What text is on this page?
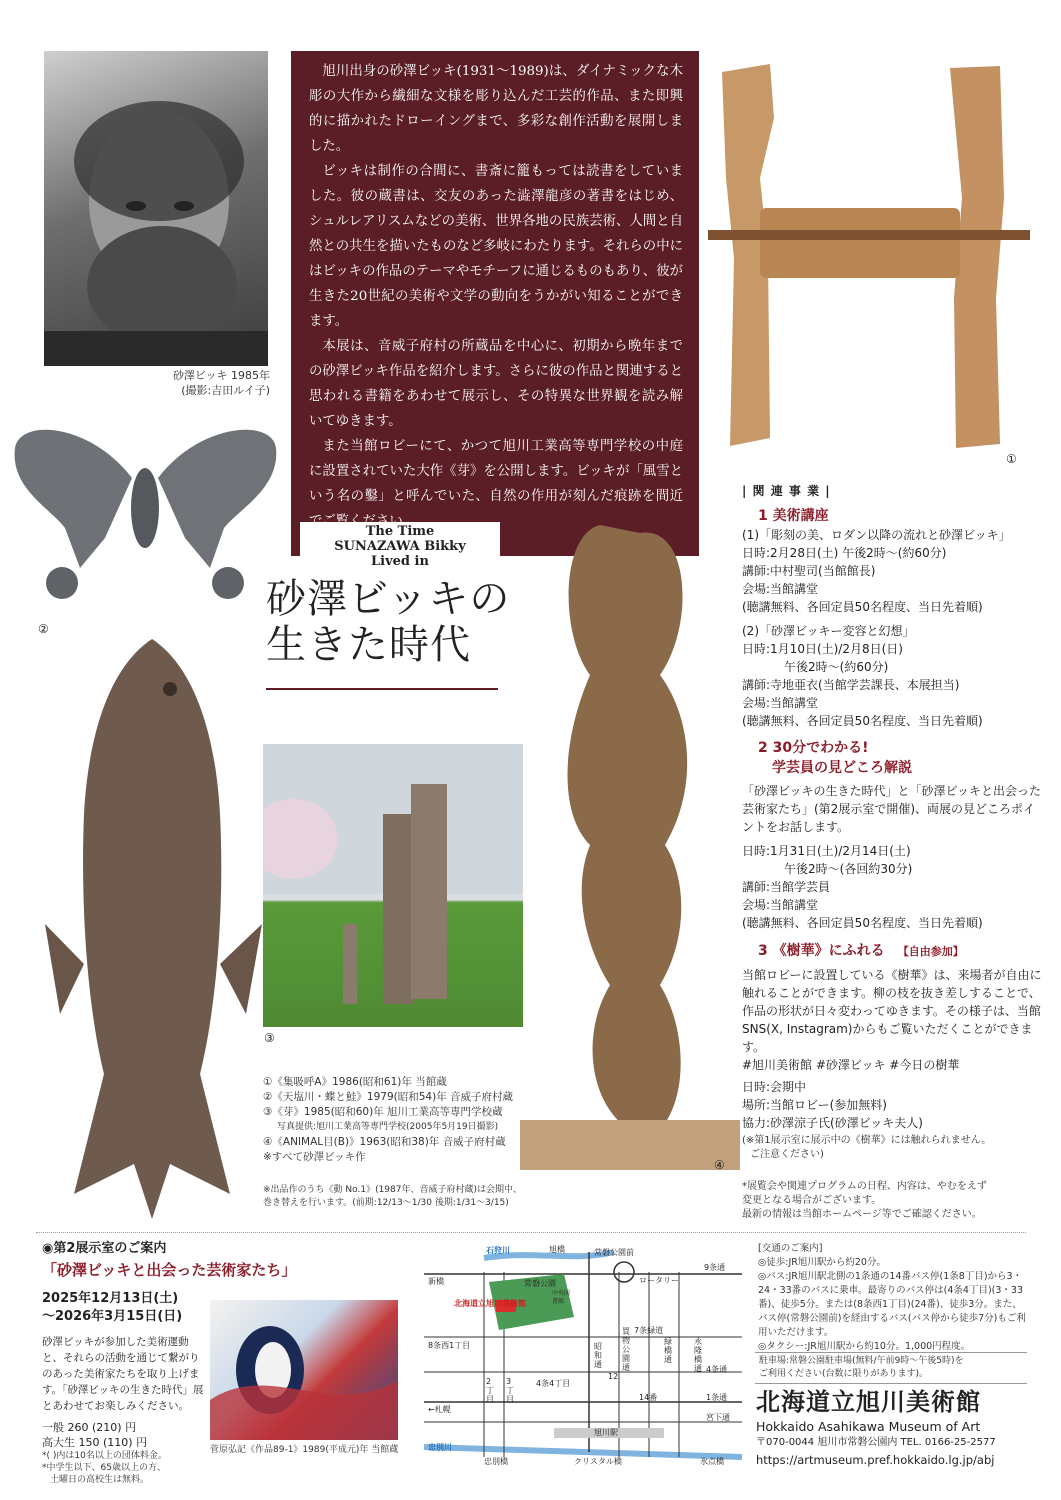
砂澤ビッキ 1985年
(撮影:吉田ルイ子)

旭川出身の砂澤ビッキ(1931〜1989)は、ダイナミックな木彫の大作から繊細な文様を彫り込んだ工芸的作品、また即興的に描かれたドローイングまで、多彩な創作活動を展開しました。

ビッキは制作の合間に、書斎に籠もっては読書をしていました。彼の蔵書は、交友のあった澁澤龍彦の著書をはじめ、シュルレアリスムなどの美術、世界各地の民族芸術、人間と自然との共生を描いたものなど多岐にわたります。それらの中にはビッキの作品のテーマやモチーフに通じるものもあり、彼が生きた20世紀の美術や文学の動向をうかがい知ることができます。

本展は、音威子府村の所蔵品を中心に、初期から晩年までの砂澤ビッキ作品を紹介します。さらに彼の作品と関連すると思われる書籍をあわせて展示し、その特異な世界観を読み解いてゆきます。

また当館ロビーにて、かつて旭川工業高等専門学校の中庭に設置されていた大作《芽》を公開します。ビッキが「風雪という名の鑿」と呼んでいた、自然の作用が刻んだ痕跡を間近

The Time
SUNAZAWA Bikky
Lived in
砂澤ビッキの
生きた時代
①
②
③
④
①《集吸呼A》1986(昭和61)年 当館蔵
②《天塩川・蝶と鮭》1979(昭和54)年 音威子府村蔵
③《芽》1985(昭和60)年 旭川工業高等専門学校蔵
写真提供:旭川工業高等専門学校(2005年5月19日撮影)
④《ANIMAL目(B)》1963(昭和38)年 音威子府村蔵
※すべて砂澤ビッキ作
※出品作のうち《動 No.1》(1987年、音威子府村蔵)は会期中、
巻き替えを行います。(前期:12/13〜1/30 後期:1/31〜3/15)
| 関 連 事 業 |
1 美術講座
(1)「彫刻の美、ロダン以降の流れと砂澤ビッキ」
日時:2月28日(土) 午後2時〜(約60分)
講師:中村聖司(当館館長)
会場:当館講堂
(聴講無料、各回定員50名程度、当日先着順)
(2)「砂澤ビッキー変容と幻想」
日時:1月10日(土)/2月8日(日)
午後2時〜(約60分)
講師:寺地亜衣(当館学芸課長、本展担当)
会場:当館講堂
(聴講無料、各回定員50名程度、当日先着順)
2 30分でわかる!
学芸員の見どころ解説
「砂澤ビッキの生きた時代」と「砂澤ビッキと出会った芸術家たち」(第2展示室で開催)、両展の見どころポイントをお話します。
日時:1月31日(土)/2月14日(土)
午後2時〜(各回約30分)
講師:当館学芸員
会場:当館講堂
(聴講無料、各回定員50名程度、当日先着順)
3 《樹華》にふれる 【自由参加】
当館ロビーに設置している《樹華》は、来場者が自由に触れることができます。柳の枝を抜き差しすることで、作品の形状が日々変わってゆきます。その様子は、当館SNS(X, Instagram)からもご覧いただくことができます。
#旭川美術館 #砂澤ビッキ #今日の樹華
日時:会期中
場所:当館ロビー(参加無料)
協力:砂澤涼子氏(砂澤ビッキ夫人)
(※第1展示室に展示中の《樹華》には触れられません。
ご注意ください)
*展覧会や関連プログラムの日程、内容は、やむをえず
変更となる場合がございます。
最新の情報は当館ホームページ等でご確認ください。
◉第2展示室のご案内
「砂澤ビッキと出会った芸術家たち」
2025年12月13日(土)
〜2026年3月15日(日)
砂澤ビッキが参加した美術運動と、それらの活動を通じて繋がりのあった美術家たちを取り上げます。「砂澤ビッキの生きた時代」展とあわせてお楽しみください。
一般 260 (210) 円
高大生 150 (110) 円
*( )内は10名以上の団体料金。
*中学生以下、65歳以上の方、
土曜日の高校生は無料。
菅原弘記《作品89-1》1989(平成元)年 当館蔵
北海道立旭川美術館
石狩川	旭橋	常磐公園前
新橋	常磐公園
中央図書館
ロータリー
9条通
7条緑道
8条西1丁目	昭和通
買物公園通
緑橋通
永隆橋通 4条通
2丁目
3丁目
4条4丁目
12
14番
←札幌
1条通
宮下通
旭川駅
忠別川
忠別橋	クリスタル橋	氷点橋
[交通のご案内]
◎徒歩:JR旭川駅から約20分。
◎バス:JR旭川駅北側の1条通の14番バス停(1条8丁目)から3・24・33番のバスに乗車。最寄りのバス停は(4条4丁目)(3・33番)、徒歩5分。または(8条西1丁目)(24番)、徒歩3分。また、バス停(常磐公園前)を経由するバス(バス停から徒歩7分)もご利用いただけます。
◎タクシー:JR旭川駅から約10分。1,000円程度。
駐車場:常磐公園駐車場(無料/午前9時〜午後5時)を
ご利用ください(台数に限りがあります)。
北海道立旭川美術館
Hokkaido Asahikawa Museum of Art
〒070-0044 旭川市常磐公園内 TEL. 0166-25-2577
https://artmuseum.pref.hokkaido.lg.jp/abj
